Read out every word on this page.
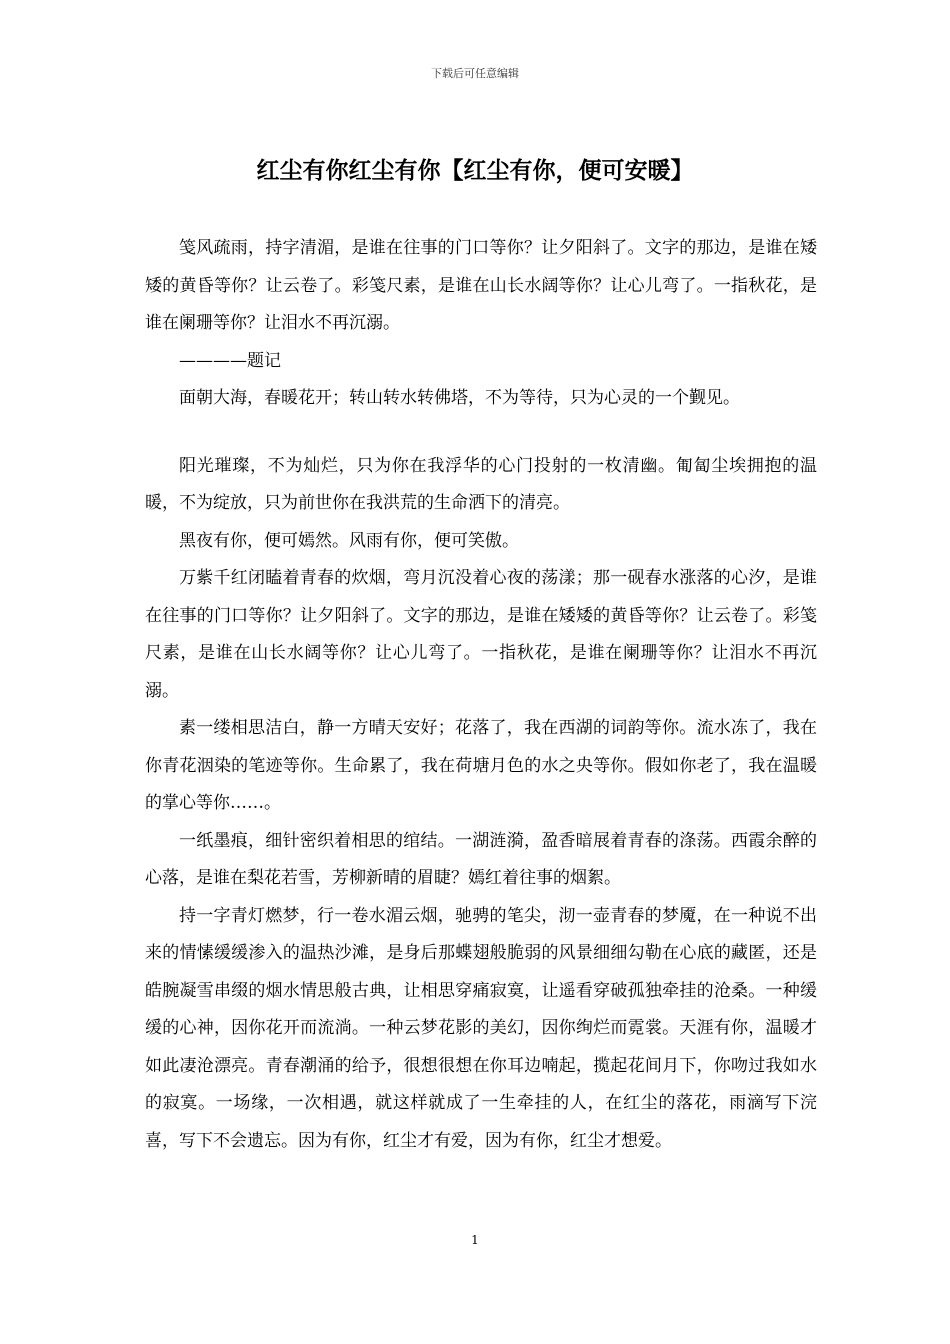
下载后可任意编辑
红尘有你红尘有你【红尘有你，便可安暖】

笺风疏雨，持字清湄，是谁在往事的门口等你？让夕阳斜了。文字的那边，是谁在矮矮的黄昏等你？让云卷了。彩笺尺素，是谁在山长水阔等你？让心儿弯了。一指秋花，是谁在阑珊等你？让泪水不再沉溺。

————题记

面朝大海，春暖花开；转山转水转佛塔，不为等待，只为心灵的一个觐见。

阳光璀璨，不为灿烂，只为你在我浮华的心门投射的一枚清幽。匍匐尘埃拥抱的温暖，不为绽放，只为前世你在我洪荒的生命洒下的清亮。

黑夜有你，便可嫣然。风雨有你，便可笑傲。

万紫千红闭瞌着青春的炊烟，弯月沉没着心夜的荡漾；那一砚春水涨落的心汐，是谁在往事的门口等你？让夕阳斜了。文字的那边，是谁在矮矮的黄昏等你？让云卷了。彩笺尺素，是谁在山长水阔等你？让心儿弯了。一指秋花，是谁在阑珊等你？让泪水不再沉溺。

素一缕相思洁白，静一方晴天安好；花落了，我在西湖的词韵等你。流水冻了，我在你青花洇染的笔迹等你。生命累了，我在荷塘月色的水之央等你。假如你老了，我在温暖的掌心等你……。

一纸墨痕，细针密织着相思的绾结。一湖涟漪，盈香暗展着青春的涤荡。西霞余醉的心落，是谁在梨花若雪，芳柳新晴的眉睫？嫣红着往事的烟絮。

持一字青灯燃梦，行一卷水湄云烟，驰骋的笔尖，沏一壶青春的梦魇，在一种说不出来的情愫缓缓渗入的温热沙滩，是身后那蝶翅般脆弱的风景细细勾勒在心底的藏匿，还是皓腕凝雪串缀的烟水情思般古典，让相思穿痛寂寞，让遥看穿破孤独牵挂的沧桑。一种缓缓的心神，因你花开而流淌。一种云梦花影的美幻，因你绚烂而霓裳。天涯有你，温暖才如此凄沧漂亮。青春潮涌的给予，很想很想在你耳边喃起，揽起花间月下，你吻过我如水的寂寞。一场缘，一次相遇，就这样就成了一生牵挂的人，在红尘的落花，雨滴写下浣喜，写下不会遗忘。因为有你，红尘才有爱，因为有你，红尘才想爱。

1
